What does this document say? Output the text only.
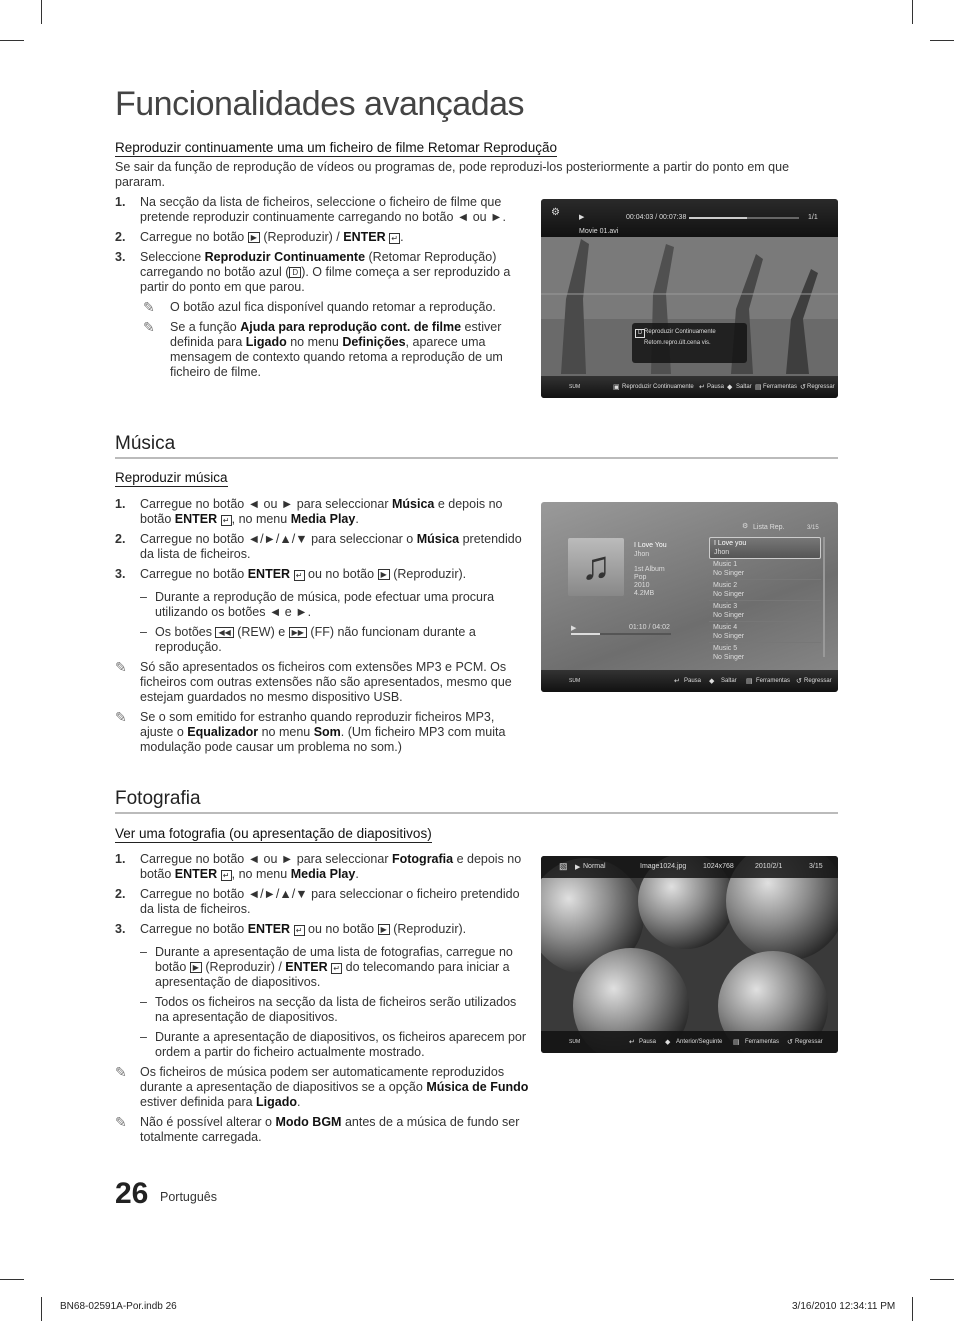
Funcionalidades avançadas
Reproduzir continuamente uma um ficheiro de filme Retomar Reprodução
Se sair da função de reprodução de vídeos ou programas de, pode reproduzi-los posteriormente a partir do ponto em que pararam.
1. Na secção da lista de ficheiros, seleccione o ficheiro de filme que pretende reproduzir continuamente carregando no botão ◄ ou ►.
2. Carregue no botão ▶ (Reproduzir) / ENTER ↵ .
3. Seleccione Reproduzir Continuamente (Retomar Reprodução) carregando no botão azul ( D ). O filme começa a ser reproduzido a partir do ponto em que parou.
✎ O botão azul fica disponível quando retomar a reprodução.
✎ Se a função Ajuda para reprodução cont. de filme estiver definida para Ligado no menu Definições, aparece uma mensagem de contexto quando retoma a reprodução de um ficheiro de filme.
⚙	▶	00:04:03 / 00:07:38	1/1
Movie 01.avi
D Reproduzir Continuamente
Retom.repro.últ.cena vis.
SUM	▣ Reproduzir Continuamente ↵ Pausa ◆ Saltar ▤ Ferramentas ↺ Regressar
Música
Reproduzir música
1. Carregue no botão ◄ ou ► para seleccionar Música e depois no botão ENTER ↵ , no menu Media Play.
2. Carregue no botão ◄/►/▲/▼ para seleccionar o Música pretendido da lista de ficheiros.
3. Carregue no botão ENTER ↵ ou no botão ▶ (Reproduzir).
– Durante a reprodução de música, pode efectuar uma procura utilizando os botões ◄ e ►.
– Os botões ◀◀ (REW) e ▶▶ (FF) não funcionam durante a reprodução.
✎ Só são apresentados os ficheiros com extensões MP3 e PCM. Os ficheiros com outras extensões não são apresentados, mesmo que estejam guardados no mesmo dispositivo USB.
✎ Se o som emitido for estranho quando reproduzir ficheiros MP3, ajuste o Equalizador no menu Som. (Um ficheiro MP3 com muita modulação pode causar um problema no som.)
♫	I Love You
Jhon
1st Album
Pop
2010
4.2MB
▶	01:10 / 04:02
⚙ Lista Rep.	3/15
I Love you
Jhon
Music 1
No Singer
Music 2
No Singer
Music 3
No Singer
Music 4
No Singer
Music 5
No Singer
SUM	↵ Pausa ◆ Saltar ▤ Ferramentas ↺ Regressar
Fotografia
Ver uma fotografia (ou apresentação de diapositivos)
1. Carregue no botão ◄ ou ► para seleccionar Fotografia e depois no botão ENTER ↵ , no menu Media Play.
2. Carregue no botão ◄/►/▲/▼ para seleccionar o ficheiro pretendido da lista de ficheiros.
3. Carregue no botão ENTER ↵ ou no botão ▶ (Reproduzir).
– Durante a apresentação de uma lista de fotografias, carregue no botão ▶ (Reproduzir) / ENTER ↵ do telecomando para iniciar a apresentação de diapositivos.
– Todos os ficheiros na secção da lista de ficheiros serão utilizados na apresentação de diapositivos.
– Durante a apresentação de diapositivos, os ficheiros aparecem por ordem a partir do ficheiro actualmente mostrado.
✎ Os ficheiros de música podem ser automaticamente reproduzidos durante a apresentação de diapositivos se a opção Música de Fundo estiver definida para Ligado.
✎ Não é possível alterar o Modo BGM antes de a música de fundo ser totalmente carregada.
▧ ▶ Normal	Image1024.jpg 1024x768	2010/2/1	3/15
SUM	↵ Pausa ◆ Anterior/Seguinte ▤ Ferramentas ↺ Regressar
26 Português
BN68-02591A-Por.indb 26	3/16/2010 12:34:11 PM
